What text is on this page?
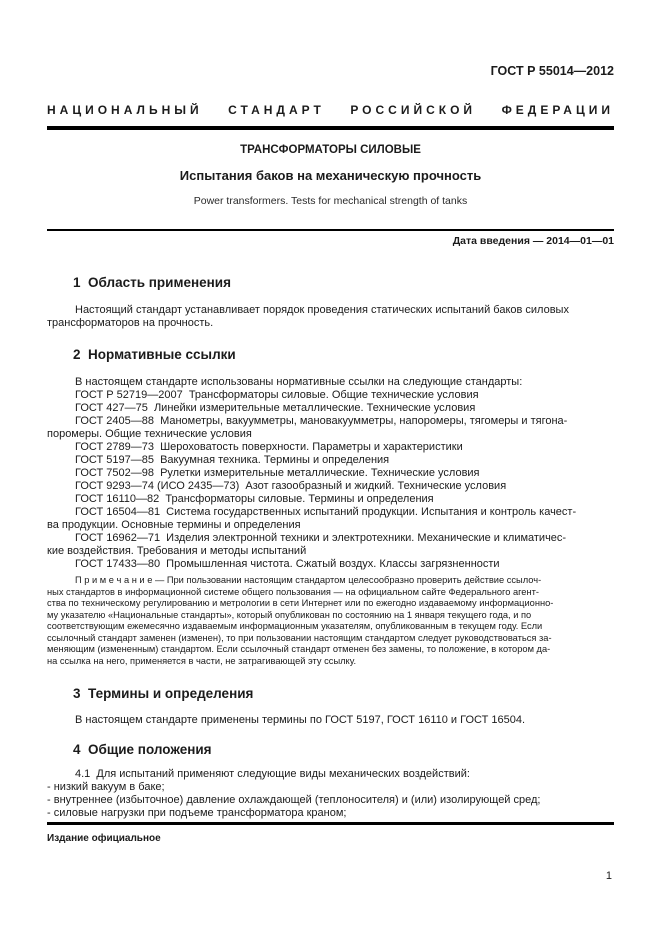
ГОСТ Р 55014—2012
НАЦИОНАЛЬНЫЙ СТАНДАРТ РОССИЙСКОЙ ФЕДЕРАЦИИ
ТРАНСФОРМАТОРЫ СИЛОВЫЕ
Испытания баков на механическую прочность
Power transformers. Tests for mechanical strength of tanks
Дата введения — 2014—01—01
1  Область применения
Настоящий стандарт устанавливает порядок проведения статических испытаний баков силовых
трансформаторов на прочность.
2  Нормативные ссылки
В настоящем стандарте использованы нормативные ссылки на следующие стандарты:
ГОСТ Р 52719—2007  Трансформаторы силовые. Общие технические условия
ГОСТ 427—75  Линейки измерительные металлические. Технические условия
ГОСТ 2405—88  Манометры, вакуумметры, мановакуумметры, напоромеры, тягомеры и тягона-
поромеры. Общие технические условия
ГОСТ 2789—73  Шероховатость поверхности. Параметры и характеристики
ГОСТ 5197—85  Вакуумная техника. Термины и определения
ГОСТ 7502—98  Рулетки измерительные металлические. Технические условия
ГОСТ 9293—74 (ИСО 2435—73)  Азот газообразный и жидкий. Технические условия
ГОСТ 16110—82  Трансформаторы силовые. Термины и определения
ГОСТ 16504—81  Система государственных испытаний продукции. Испытания и контроль качест-
ва продукции. Основные термины и определения
ГОСТ 16962—71  Изделия электронной техники и электротехники. Механические и климатичес-
кие воздействия. Требования и методы испытаний
ГОСТ 17433—80  Промышленная чистота. Сжатый воздух. Классы загрязненности
П р и м е ч а н и е — При пользовании настоящим стандартом целесообразно проверить действие ссылоч-
ных стандартов в информационной системе общего пользования — на официальном сайте Федерального агент-
ства по техническому регулированию и метрологии в сети Интернет или по ежегодно издаваемому информационно-
му указателю «Национальные стандарты», который опубликован по состоянию на 1 января текущего года, и по
соответствующим ежемесячно издаваемым информационным указателям, опубликованным в текущем году. Если
ссылочный стандарт заменен (изменен), то при пользовании настоящим стандартом следует руководствоваться за-
меняющим (измененным) стандартом. Если ссылочный стандарт отменен без замены, то положение, в котором да-
на ссылка на него, применяется в части, не затрагивающей эту ссылку.
3  Термины и определения
В настоящем стандарте применены термины по ГОСТ 5197, ГОСТ 16110 и ГОСТ 16504.
4  Общие положения
4.1  Для испытаний применяют следующие виды механических воздействий:
- низкий вакуум в баке;
- внутреннее (избыточное) давление охлаждающей (теплоносителя) и (или) изолирующей сред;
- силовые нагрузки при подъеме трансформатора краном;
Издание официальное
1
